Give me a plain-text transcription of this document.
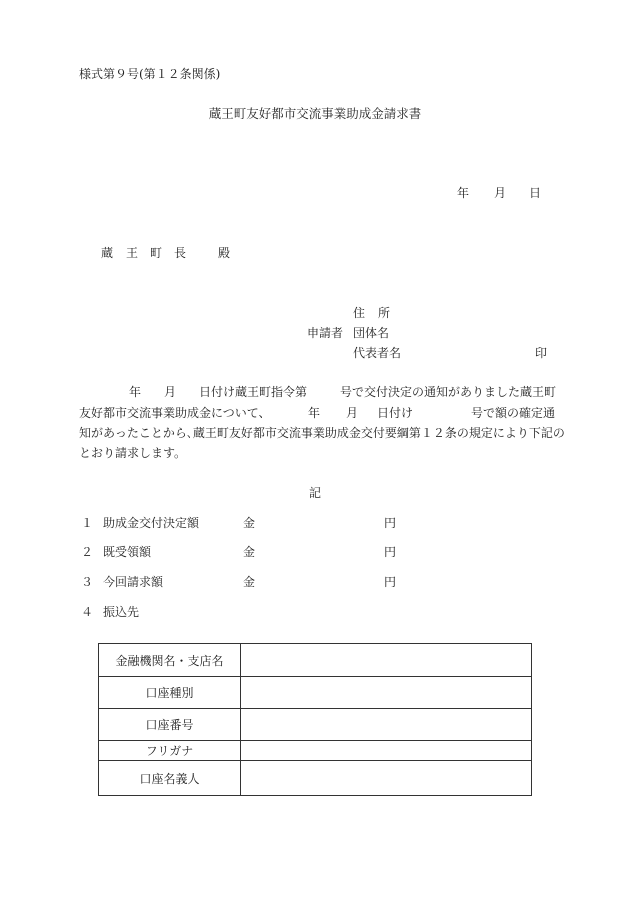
様式第９号(第１２条関係)
蔵王町友好都市交流事業助成金請求書
年 月 日
蔵 王 町 長	殿
住 所
申請者 団体名
代表者名	印
年 月 日付け蔵王町指令第	号で交付決定の通知がありました蔵王町
友好都市交流事業助成金について、	年 月 日付け	号で額の確定通
知があったことから､蔵王町友好都市交流事業助成金交付要綱第１２条の規定により下記の
とおり請求します。
記
１ 助成金交付決定額	金	円
２ 既受領額	金	円
３ 今回請求額	金	円
４ 振込先
金融機関名・支店名	
口座種別	
口座番号	
フリガナ	
口座名義人	
